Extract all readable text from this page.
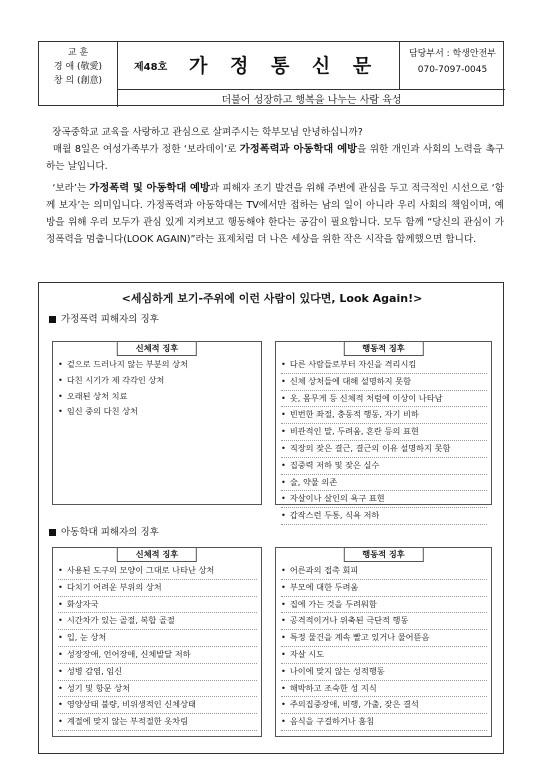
교 훈
경 애 (敬愛)
창 의 (創意)
제48호 가 정 통 신 문
담당부서 : 학생안전부
070-7097-0045
더불어 성장하고 행복을 나누는 사람 육성
장곡중학교 교육을 사랑하고 관심으로 살펴주시는 학부모님 안녕하십니까?
매월 8일은 여성가족부가 정한 ‘보라데이’로 가정폭력과 아동학대 예방을 위한 개인과 사회의 노력을 촉구하는 날입니다.
‘보라’는 가정폭력 및 아동학대 예방과 피해자 조기 발견을 위해 주변에 관심을 두고 적극적인 시선으로 ‘함께 보자’는 의미입니다. 가정폭력과 아동학대는 TV에서만 접하는 남의 일이 아니라 우리 사회의 책임이며, 예방을 위해 우리 모두가 관심 있게 지켜보고 행동해야 한다는 공감이 필요합니다. 모두 함께 “당신의 관심이 가정폭력을 멈춥니다(LOOK AGAIN)”라는 표제처럼 더 나은 세상을 위한 작은 시작을 함께했으면 합니다.
<세심하게 보기-주위에 이런 사람이 있다면, Look Again!>
가정폭력 피해자의 징후
신체적 징후
• 겉으로 드러나지 않는 부분의 상처
• 다친 시기가 제 각각인 상처
• 오래된 상처 치료
• 임신 중의 다친 상처
행동적 징후
• 다른 사람들로부터 자신을 격리시킴
• 신체 상처들에 대해 설명하지 못함
• 옷, 몸무게 등 신체적 처럼에 이상이 나타남
• 빈번한 좌절, 충동적 행동, 자기 비하
• 비관적인 말, 두려움, 혼란 등의 표현
• 직장의 잦은 결근, 결근의 이유 설명하지 못함
• 집중력 저하 및 잦은 실수
• 술, 약물 의존
• 자살이나 살인의 욕구 표현
• 갑작스런 두통, 식욕 저하
아동학대 피해자의 징후
신체적 징후
• 사용된 도구의 모양이 그대로 나타난 상처
• 다치기 어려운 부위의 상처
• 화상자국
• 시간차가 있는 골절, 복합 골절
• 입, 눈 상처
• 성장장애, 언어장애, 신체발달 저하
• 성병 감염, 임신
• 성기 및 항문 상처
• 영양상태 불량, 비위생적인 신체상태
• 계절에 맞지 않는 부적절한 옷차림
행동적 징후
• 어른과의 접촉 회피
• 부모에 대한 두려움
• 집에 가는 것을 두려워함
• 공격적이거나 위축된 극단적 행동
• 특정 물건을 계속 빨고 있거나 물어뜯음
• 자살 시도
• 나이에 맞지 않는 성적행동
• 해박하고 조숙한 성 지식
• 주의집중장애, 비행, 가출, 잦은 결석
• 음식을 구걸하거나 훔침
